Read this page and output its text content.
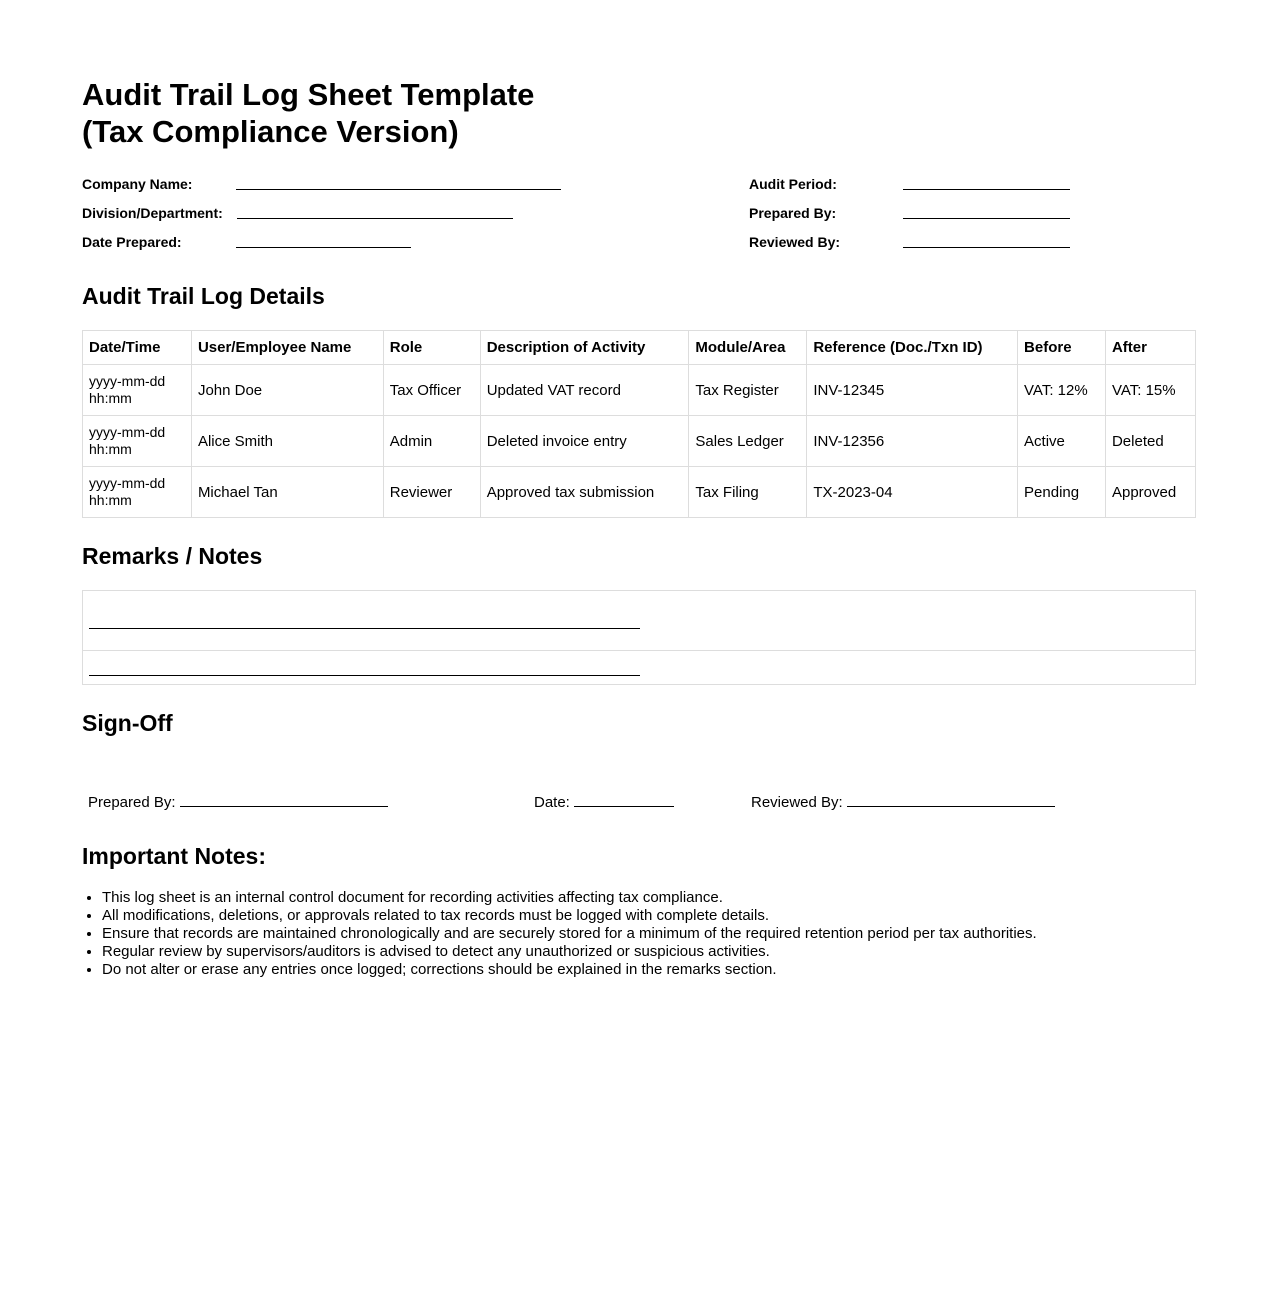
Audit Trail Log Sheet Template
(Tax Compliance Version)
Company Name:
Division/Department:
Date Prepared:
Audit Period:
Prepared By:
Reviewed By:
Audit Trail Log Details
Date/Time	User/Employee Name	Role	Description of Activity	Module/Area	Reference (Doc./Txn ID)	Before	After
yyyy-mm-dd hh:mm	John Doe	Tax Officer	Updated VAT record	Tax Register	INV-12345	VAT: 12%	VAT: 15%
yyyy-mm-dd hh:mm	Alice Smith	Admin	Deleted invoice entry	Sales Ledger	INV-12356	Active	Deleted
yyyy-mm-dd hh:mm	Michael Tan	Reviewer	Approved tax submission	Tax Filing	TX-2023-04	Pending	Approved
Remarks / Notes
Sign-Off
Prepared By:	Date:	Reviewed By:
Important Notes:
• This log sheet is an internal control document for recording activities affecting tax compliance.
• All modifications, deletions, or approvals related to tax records must be logged with complete details.
• Ensure that records are maintained chronologically and are securely stored for a minimum of the required retention period per tax authorities.
• Regular review by supervisors/auditors is advised to detect any unauthorized or suspicious activities.
• Do not alter or erase any entries once logged; corrections should be explained in the remarks section.
